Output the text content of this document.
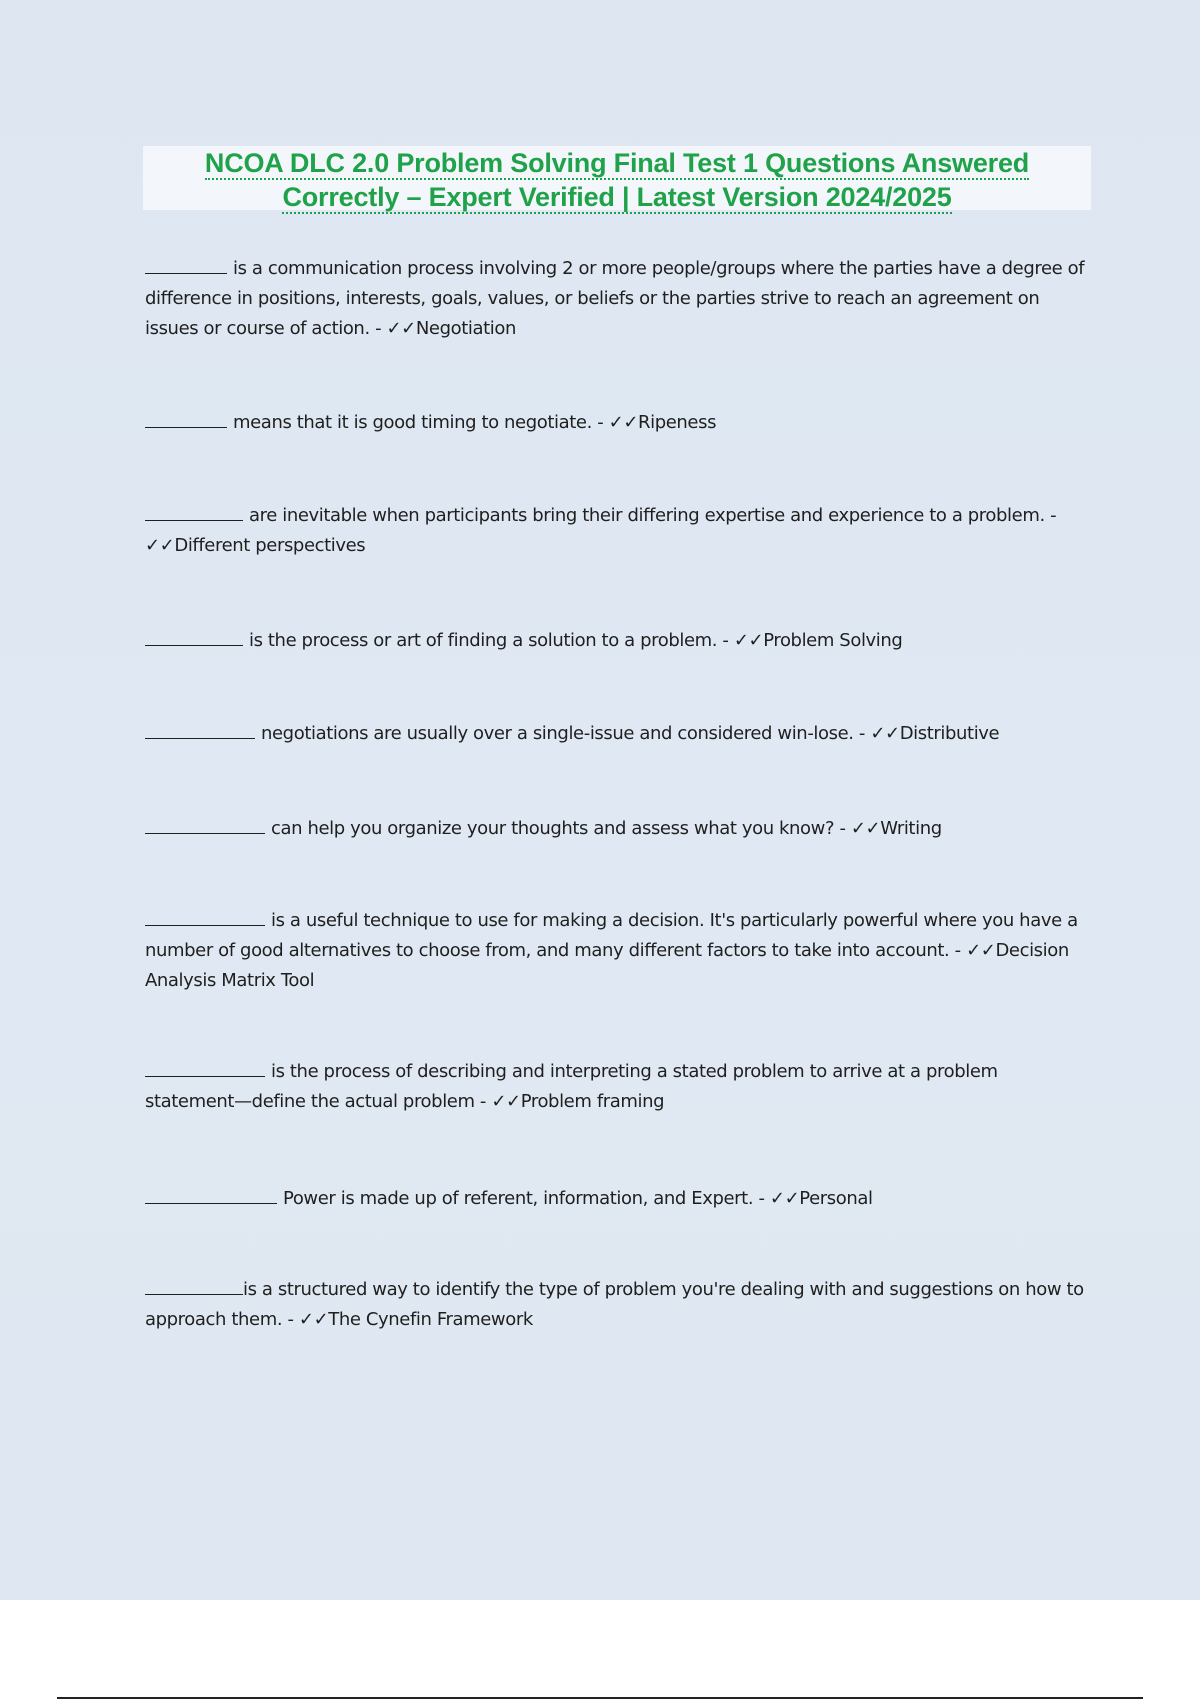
NCOA DLC 2.0 Problem Solving Final Test 1 Questions Answered
Correctly – Expert Verified | Latest Version 2024/2025
is a communication process involving 2 or more people/groups where the parties have a degree of difference in positions, interests, goals, values, or beliefs or the parties strive to reach an agreement on issues or course of action. - ✓✓Negotiation
means that it is good timing to negotiate. - ✓✓Ripeness
are inevitable when participants bring their differing expertise and experience to a problem. - ✓✓Different perspectives
is the process or art of finding a solution to a problem. - ✓✓Problem Solving
negotiations are usually over a single-issue and considered win-lose. - ✓✓Distributive
can help you organize your thoughts and assess what you know? - ✓✓Writing
is a useful technique to use for making a decision. It's particularly powerful where you have a number of good alternatives to choose from, and many different factors to take into account. - ✓✓Decision Analysis Matrix Tool
is the process of describing and interpreting a stated problem to arrive at a problem statement—define the actual problem - ✓✓Problem framing
Power is made up of referent, information, and Expert. - ✓✓Personal
is a structured way to identify the type of problem you're dealing with and suggestions on how to approach them. - ✓✓The Cynefin Framework
